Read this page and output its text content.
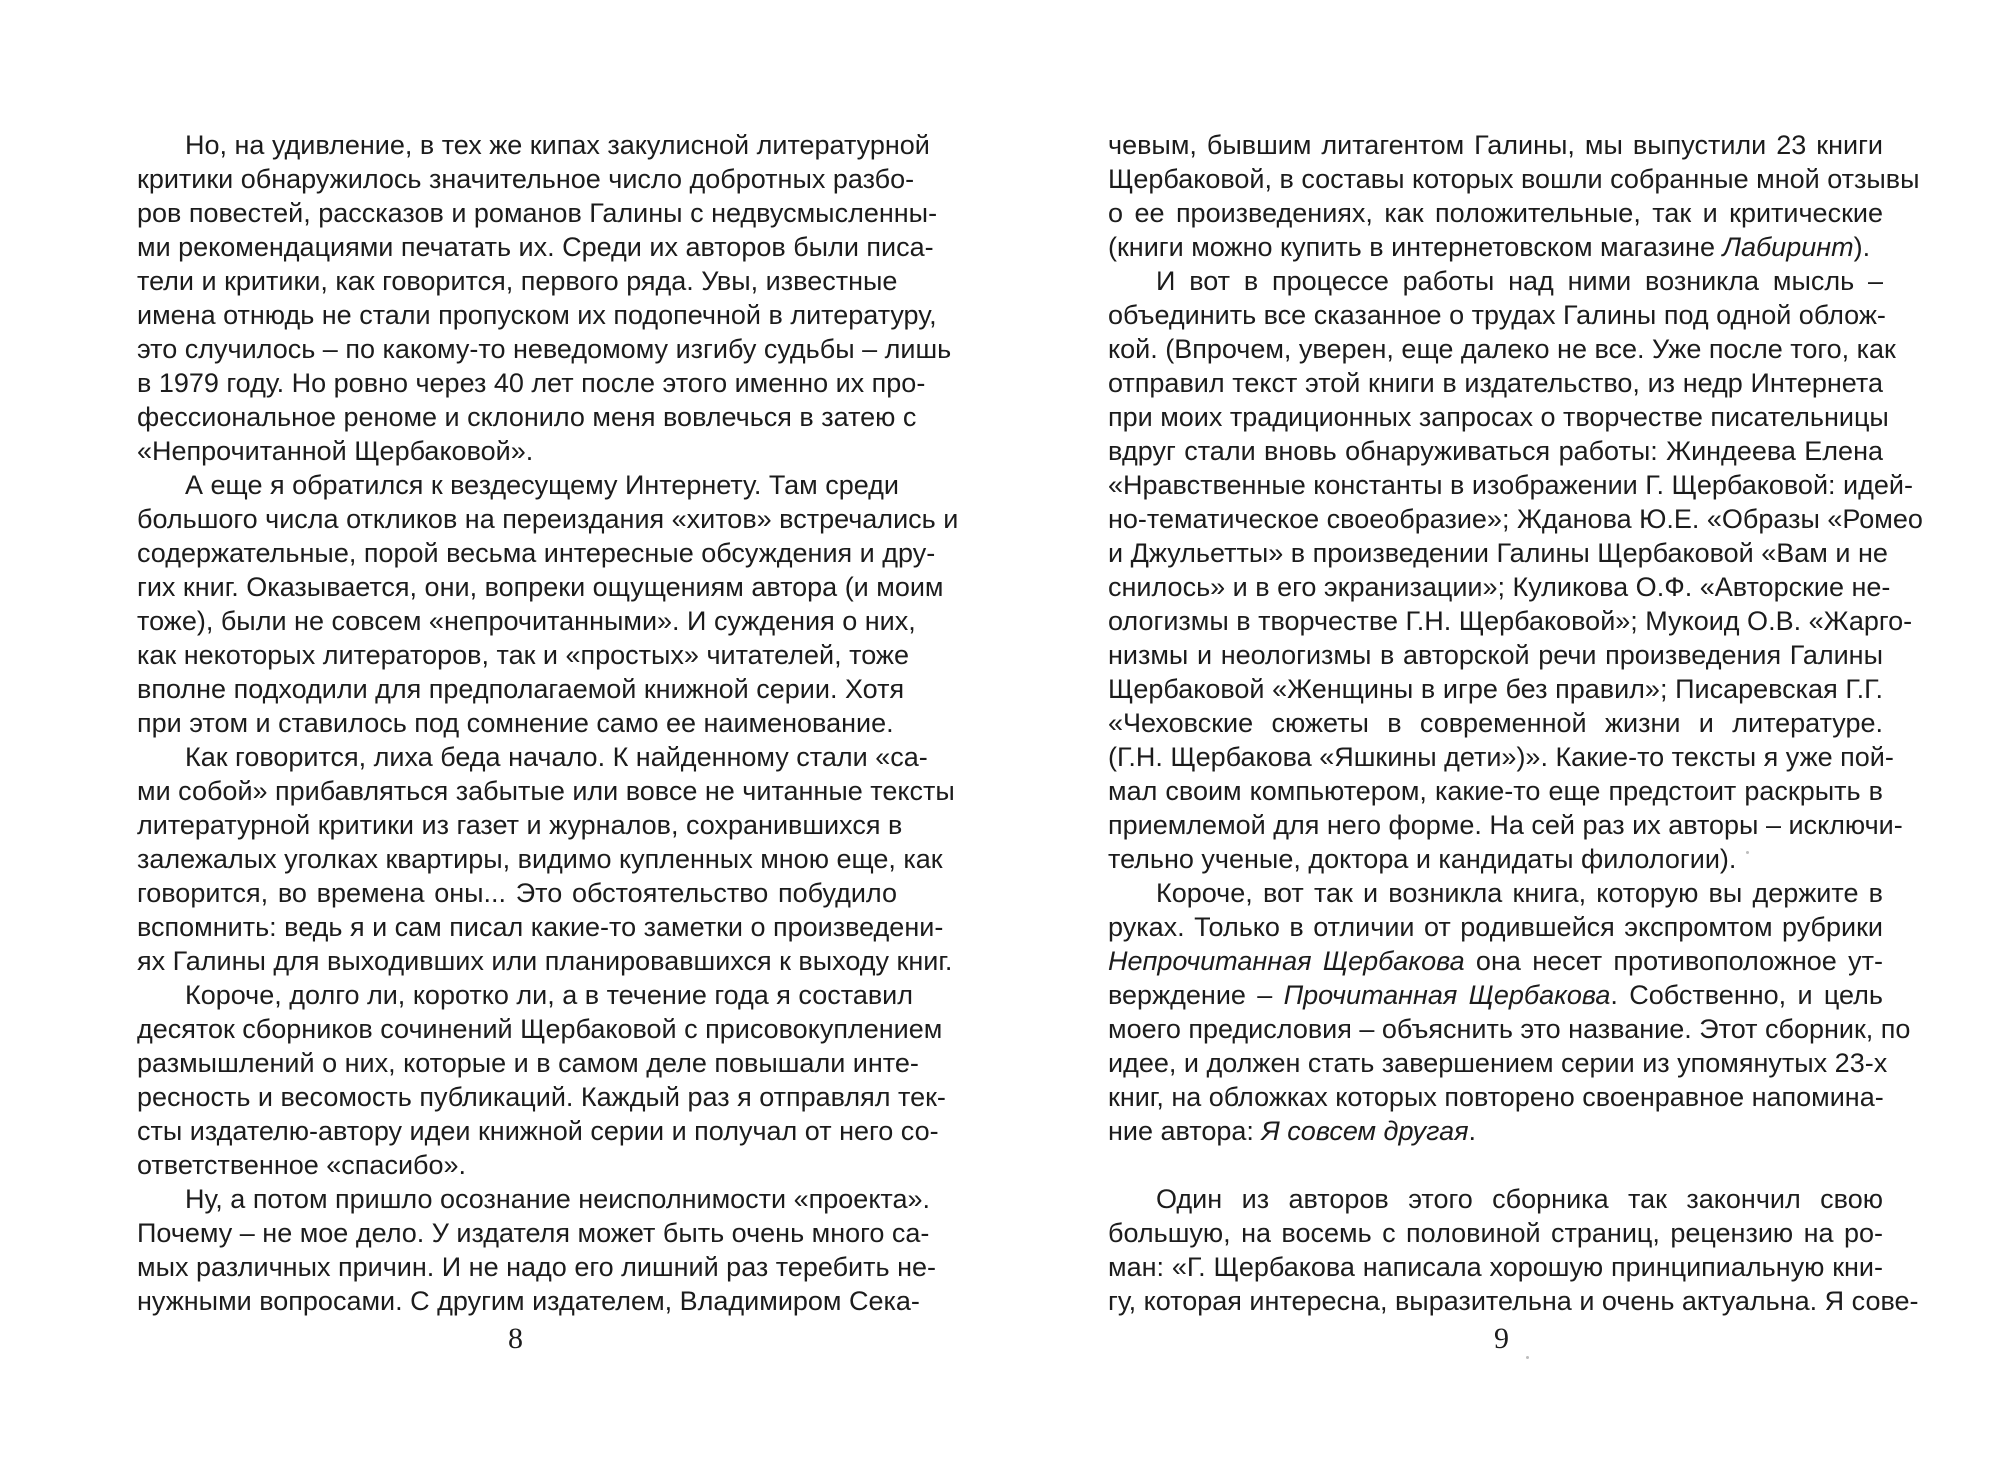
Но, на удивление, в тех же кипах закулисной литературной
критики обнаружилось значительное число добротных разбо-
ров повестей, рассказов и романов Галины с недвусмысленны-
ми рекомендациями печатать их. Среди их авторов были писа-
тели и критики, как говорится, первого ряда. Увы, известные
имена отнюдь не стали пропуском их подопечной в литературу,
это случилось – по какому-то неведомому изгибу судьбы – лишь
в 1979 году. Но ровно через 40 лет после этого именно их про-
фессиональное реноме и склонило меня вовлечься в затею с
«Непрочитанной Щербаковой».
А еще я обратился к вездесущему Интернету. Там среди
большого числа откликов на переиздания «хитов» встречались и
содержательные, порой весьма интересные обсуждения и дру-
гих книг. Оказывается, они, вопреки ощущениям автора (и моим
тоже), были не совсем «непрочитанными». И суждения о них,
как некоторых литераторов, так и «простых» читателей, тоже
вполне подходили для предполагаемой книжной серии. Хотя
при этом и ставилось под сомнение само ее наименование.
Как говорится, лиха беда начало. К найденному стали «са-
ми собой» прибавляться забытые или вовсе не читанные тексты
литературной критики из газет и журналов, сохранившихся в
залежалых уголках квартиры, видимо купленных мною еще, как
говорится, во времена оны... Это обстоятельство побудило
вспомнить: ведь я и сам писал какие-то заметки о произведени-
ях Галины для выходивших или планировавшихся к выходу книг.
Короче, долго ли, коротко ли, а в течение года я составил
десяток сборников сочинений Щербаковой с присовокуплением
размышлений о них, которые и в самом деле повышали инте-
ресность и весомость публикаций. Каждый раз я отправлял тек-
сты издателю-автору идеи книжной серии и получал от него со-
ответственное «спасибо».
Ну, а потом пришло осознание неисполнимости «проекта».
Почему – не мое дело. У издателя может быть очень много са-
мых различных причин. И не надо его лишний раз теребить не-
нужными вопросами. С другим издателем, Владимиром Сека-
8
чевым, бывшим литагентом Галины, мы выпустили 23 книги
Щербаковой, в составы которых вошли собранные мной отзывы
о ее произведениях, как положительные, так и критические
(книги можно купить в интернетовском магазине Лабиринт).
И вот в процессе работы над ними возникла мысль –
объединить все сказанное о трудах Галины под одной облож-
кой. (Впрочем, уверен, еще далеко не все. Уже после того, как
отправил текст этой книги в издательство, из недр Интернета
при моих традиционных запросах о творчестве писательницы
вдруг стали вновь обнаруживаться работы: Жиндеева Елена
«Нравственные константы в изображении Г. Щербаковой: идей-
но-тематическое своеобразие»; Жданова Ю.Е. «Образы «Ромео
и Джульетты» в произведении Галины Щербаковой «Вам и не
снилось» и в его экранизации»; Куликова О.Ф. «Авторские не-
ологизмы в творчестве Г.Н. Щербаковой»; Мукоид О.В. «Жарго-
низмы и неологизмы в авторской речи произведения Галины
Щербаковой «Женщины в игре без правил»; Писаревская Г.Г.
«Чеховские сюжеты в современной жизни и литературе.
(Г.Н. Щербакова «Яшкины дети»)». Какие-то тексты я уже пой-
мал своим компьютером, какие-то еще предстоит раскрыть в
приемлемой для него форме. На сей раз их авторы – исключи-
тельно ученые, доктора и кандидаты филологии).
Короче, вот так и возникла книга, которую вы держите в
руках. Только в отличии от родившейся экспромтом рубрики
Непрочитанная Щербакова она несет противоположное ут-
верждение – Прочитанная Щербакова. Собственно, и цель
моего предисловия – объяснить это название. Этот сборник, по
идее, и должен стать завершением серии из упомянутых 23-х
книг, на обложках которых повторено своенравное напомина-
ние автора: Я совсем другая.
Один из авторов этого сборника так закончил свою
большую, на восемь с половиной страниц, рецензию на ро-
ман: «Г. Щербакова написала хорошую принципиальную кни-
гу, которая интересна, выразительна и очень актуальна. Я сове-
9
